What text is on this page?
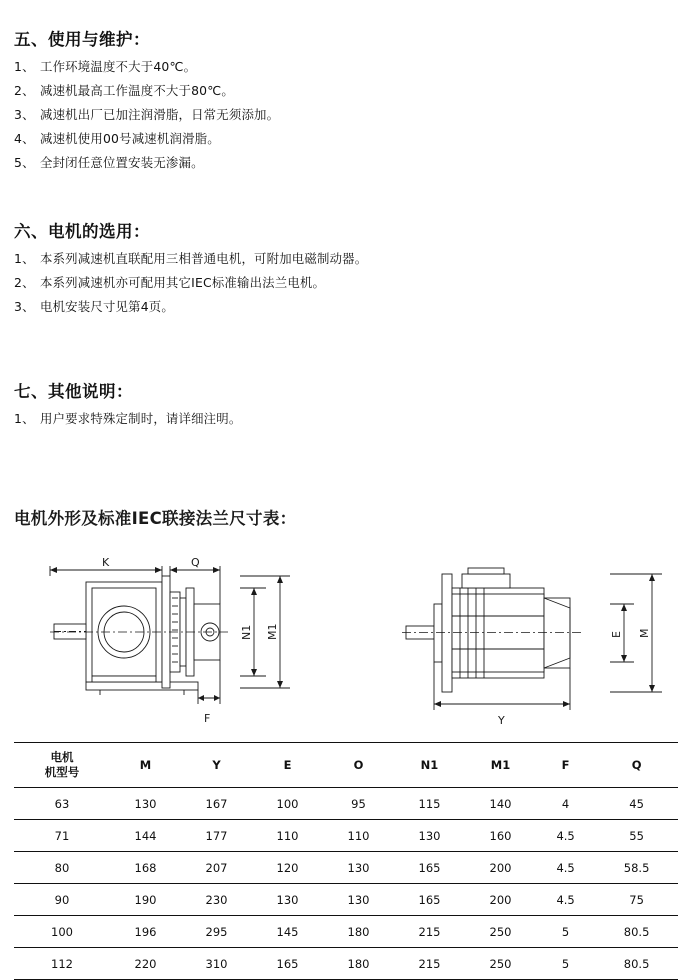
五、使用与维护：
1、 工作环境温度不大于40℃。
2、 减速机最高工作温度不大于80℃。
3、 减速机出厂已加注润滑脂，日常无须添加。
4、 减速机使用00号减速机润滑脂。
5、 全封闭任意位置安装无渗漏。
六、电机的选用：
1、 本系列减速机直联配用三相普通电机，可附加电磁制动器。
2、 本系列减速机亦可配用其它IEC标准输出法兰电机。
3、 电机安装尺寸见第4页。
七、其他说明：
1、 用户要求特殊定制时，请详细注明。
电机外形及标准IEC联接法兰尺寸表：
K	Q
N1 M1
F
E M
Y
电机
机型号	M	Y	E	O	N1	M1	F	Q
63	130	167	100	95	115	140	4	45
71	144	177	110	110	130	160	4.5	55
80	168	207	120	130	165	200	4.5	58.5
90	190	230	130	130	165	200	4.5	75
100	196	295	145	180	215	250	5	80.5
112	220	310	165	180	215	250	5	80.5
